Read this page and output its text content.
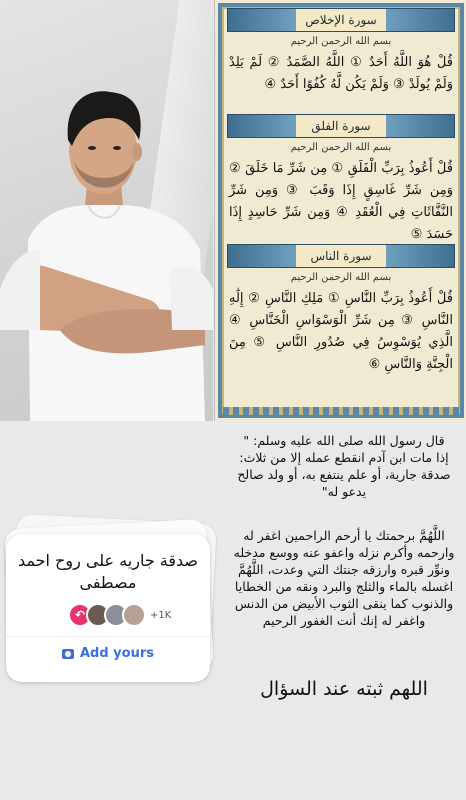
سورة الإخلاص
بسم الله الرحمن الرحيم
قُلْ هُوَ اللَّهُ أَحَدٌ ① اللَّهُ الصَّمَدُ ② لَمْ يَلِدْ وَلَمْ يُولَدْ ③ وَلَمْ يَكُن لَّهُ كُفُوًا أَحَدٌ ④
سورة الفلق
بسم الله الرحمن الرحيم
قُلْ أَعُوذُ بِرَبِّ الْفَلَقِ ① مِن شَرِّ مَا خَلَقَ ② وَمِن شَرِّ غَاسِقٍ إِذَا وَقَبَ ③ وَمِن شَرِّ النَّفَّاثَاتِ فِي الْعُقَدِ ④ وَمِن شَرِّ حَاسِدٍ إِذَا حَسَدَ ⑤
سورة الناس
بسم الله الرحمن الرحيم
قُلْ أَعُوذُ بِرَبِّ النَّاسِ ① مَلِكِ النَّاسِ ② إِلَٰهِ النَّاسِ ③ مِن شَرِّ الْوَسْوَاسِ الْخَنَّاسِ ④ الَّذِي يُوَسْوِسُ فِي صُدُورِ النَّاسِ ⑤ مِنَ الْجِنَّةِ وَالنَّاسِ ⑥
قال رسول الله صلى الله عليه وسلم: "
إذا مات ابن آدم انقطع عمله إلا من ثلاث: صدقة جارية، أو علم ينتفع به، أو ولد صالح يدعو له"
اللَّهُمَّ برحمتك يا أرحم الراحمين اغفر له وارحمه وأكرم نزله واعفو عنه ووسع مدخله ونوِّر قبره وارزقه جنتك التي وعدت، اللَّهُمَّ اغسله بالماء والثلج والبرد ونقه من الخطايا والذنوب كما ينقى الثوب الأبيض من الدنس واغفر له إنك أنت الغفور الرحيم
اللهم ثبته عند السؤال
صدقة جاريه على روح احمد مصطفى
↶	+1K
Add yours
